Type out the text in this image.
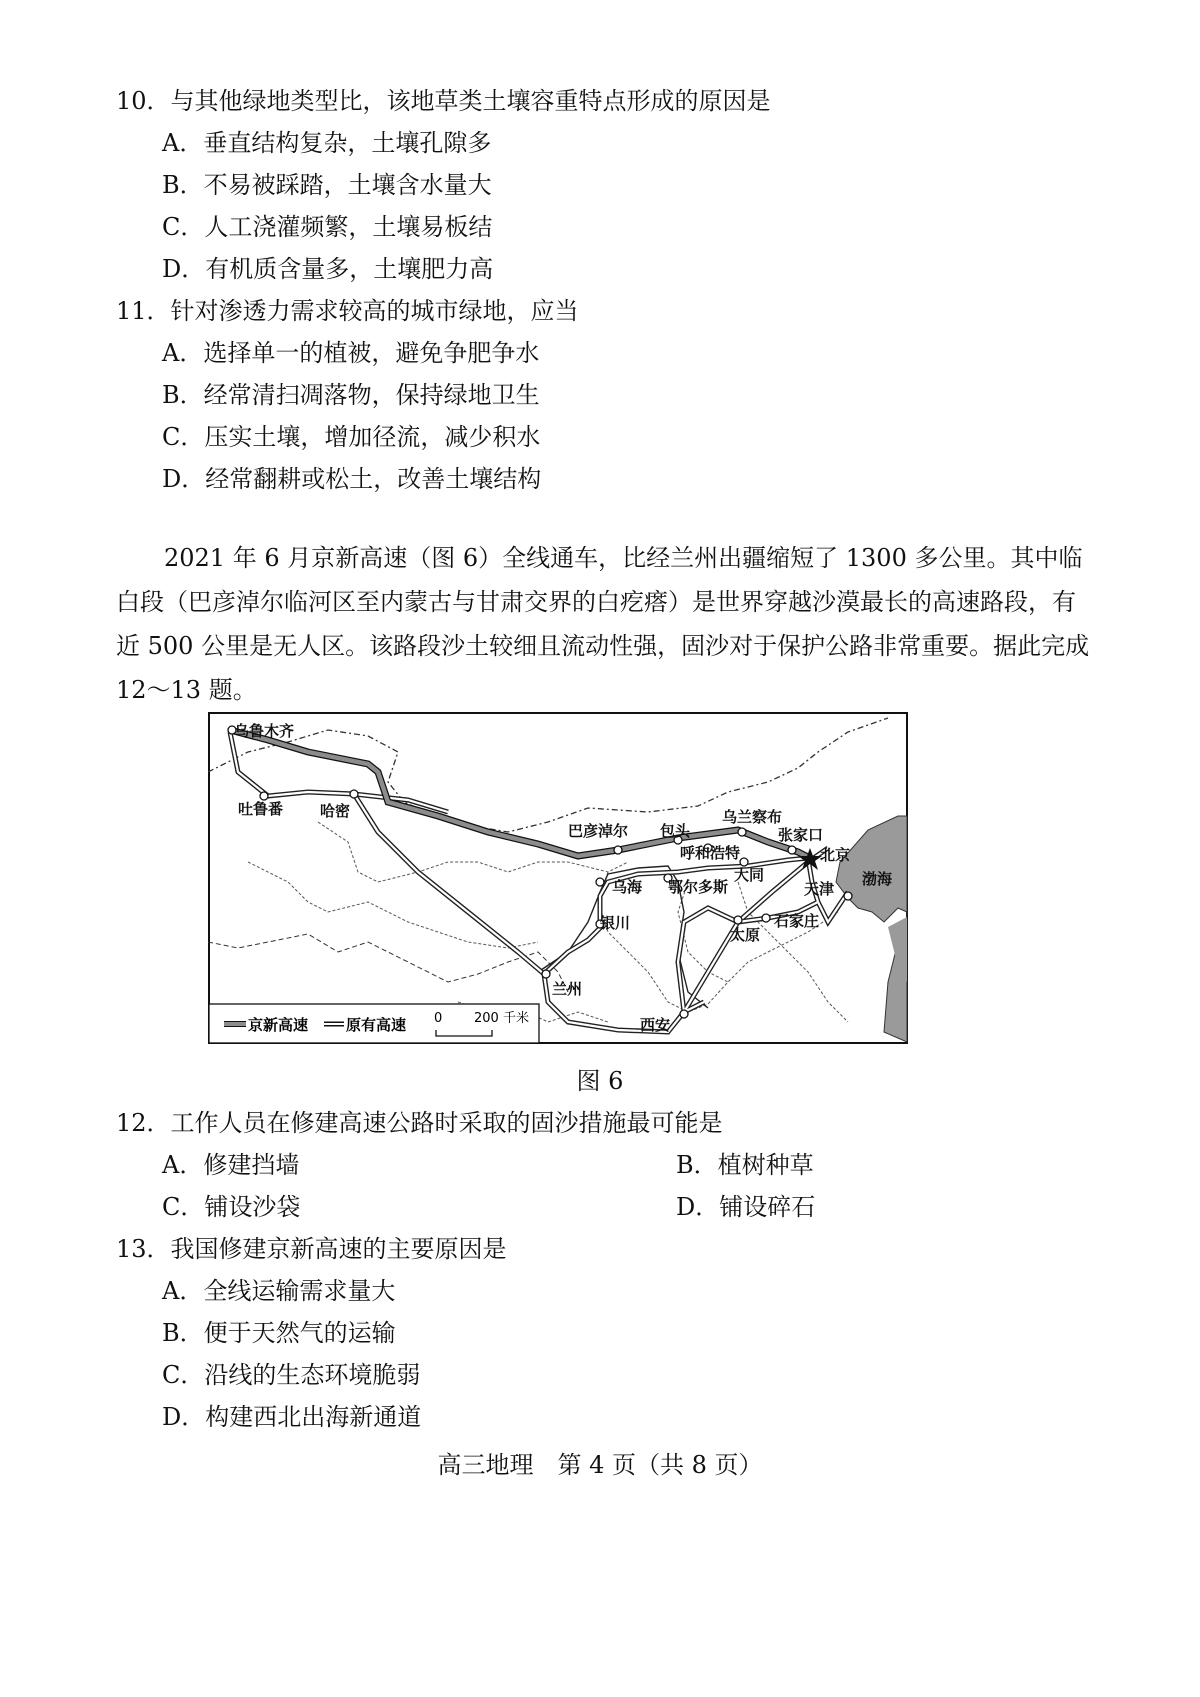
10．与其他绿地类型比，该地草类土壤容重特点形成的原因是
A．垂直结构复杂，土壤孔隙多
B．不易被踩踏，土壤含水量大
C．人工浇灌频繁，土壤易板结
D．有机质含量多，土壤肥力高
11．针对渗透力需求较高的城市绿地，应当
A．选择单一的植被，避免争肥争水
B．经常清扫凋落物，保持绿地卫生
C．压实土壤，增加径流，减少积水
D．经常翻耕或松土，改善土壤结构
2021 年 6 月京新高速（图 6）全线通车，比经兰州出疆缩短了 1300 多公里。其中临白段（巴彦淖尔临河区至内蒙古与甘肃交界的白疙瘩）是世界穿越沙漠最长的高速路段，有近 500 公里是无人区。该路段沙土较细且流动性强，固沙对于保护公路非常重要。据此完成 12～13 题。
乌鲁木齐
吐鲁番 哈密
巴彦淖尔 包头
乌兰察布
张家口
北京
呼和浩特
乌海 鄂尔多斯
大同
天津
渤海
银川
太原
石家庄
兰州
西安
京新高速	原有高速 0 200 千米
图 6
12．工作人员在修建高速公路时采取的固沙措施最可能是
A．修建挡墙	B．植树种草
C．铺设沙袋	D．铺设碎石
13．我国修建京新高速的主要原因是
A．全线运输需求量大
B．便于天然气的运输
C．沿线的生态环境脆弱
D．构建西北出海新通道
高三地理　第 4 页（共 8 页）
